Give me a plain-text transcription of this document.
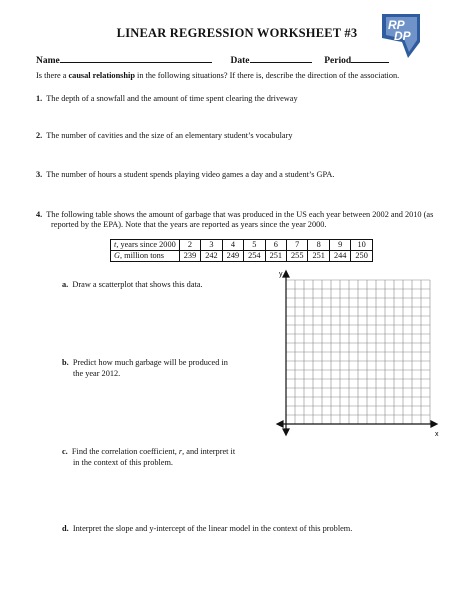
LINEAR REGRESSION WORKSHEET #3
RP
DP
Name	Date	Period
Is there a causal relationship in the following situations? If there is, describe the direction of the association.
1. The depth of a snowfall and the amount of time spent clearing the driveway
2. The number of cavities and the size of an elementary student’s vocabulary
3. The number of hours a student spends playing video games a day and a student’s GPA.
4. The following table shows the amount of garbage that was produced in the US each year between 2002 and 2010 (as
reported by the EPA). Note that the years are reported as years since the year 2000.
t, years since 2000	2	3	4	5	6	7	8	9	10
G, million tons	239	242	249	254	251	255	251	244	250
a. Draw a scatterplot that shows this data.
b. Predict how much garbage will be produced in
the year 2012.
c. Find the correlation coefficient, r, and interpret it
in the context of this problem.
d. Interpret the slope and y-intercept of the linear model in the context of this problem.
y
x
